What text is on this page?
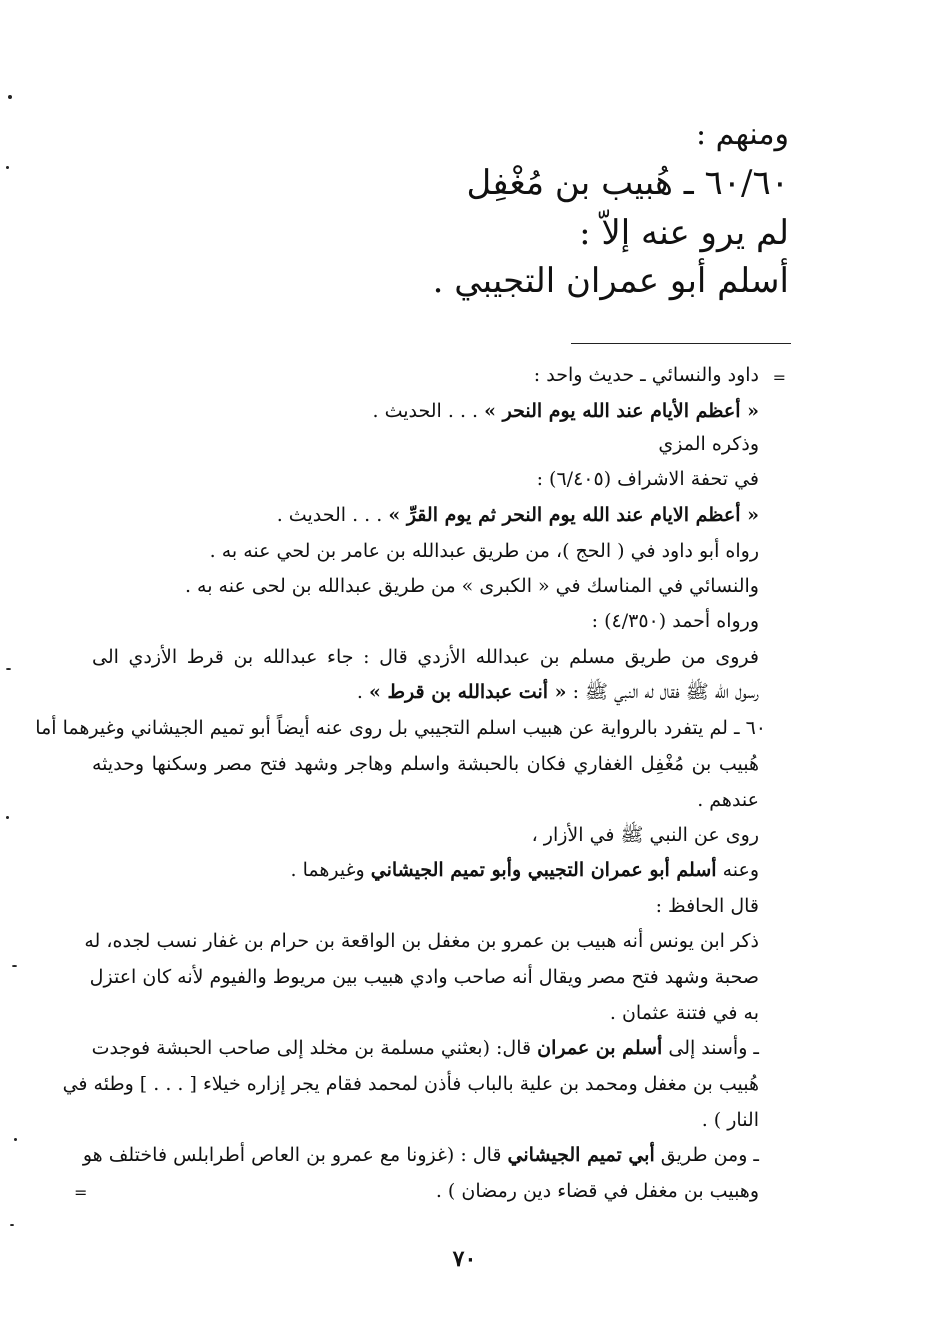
ومنهم :
٦٠/٦٠ ـ هُبيب بن مُغْفِل
لم يرو عنه إلاّ :
أسلم أبو عمران التجيبي .
=
داود والنسائي ـ حديث واحد :
« أعظم الأيام عند الله يوم النحر » . . . الحديث .
وذكره المزي
في تحفة الاشراف (٦/٤٠٥) :
« أعظم الايام عند الله يوم النحر ثم يوم القرِّ » . . . الحديث .
رواه أبو داود في ( الحج )، من طريق عبدالله بن عامر بن لحي عنه به .
والنسائي في المناسك في « الكبرى » من طريق عبدالله بن لحى عنه به .
ورواه أحمد (٤/٣٥٠) :
فروى من طريق مسلم بن عبدالله الأزدي قال : جاء عبدالله بن قرط الأزدي الى
رسول الله ﷺ فقال له النبي ﷺ : « أنت عبدالله بن قرط » .
٦٠ ـ لم يتفرد بالرواية عن هبيب اسلم التجيبي بل روى عنه أيضاً أبو تميم الجيشاني وغيرهما أما
هُبيب بن مُغْفِل الغفاري فكان بالحبشة واسلم وهاجر وشهد فتح مصر وسكنها وحديثه
عندهم .
روى عن النبي ﷺ في الأزار ،
وعنه أسلم أبو عمران التجيبي وأبو تميم الجيشاني وغيرهما .
قال الحافظ :
ذكر ابن يونس أنه هبيب بن عمرو بن مغفل بن الواقعة بن حرام بن غفار نسب لجده، له
صحبة وشهد فتح مصر ويقال أنه صاحب وادي هبيب بين مريوط والفيوم لأنه كان اعتزل
به في فتنة عثمان .
ـ وأسند إلى أسلم بن عمران قال: (بعثني مسلمة بن مخلد إلى صاحب الحبشة فوجدت
هُبيب بن مغفل ومحمد بن علية بالباب فأذن لمحمد فقام يجر إزاره خيلاء [ . . . ] وطئه في
النار ) .
ـ ومن طريق أبي تميم الجيشاني قال : (غزونا مع عمرو بن العاص أطرابلس فاختلف هو
وهبيب بن مغفل في قضاء دين رمضان ) .
=
٧٠
